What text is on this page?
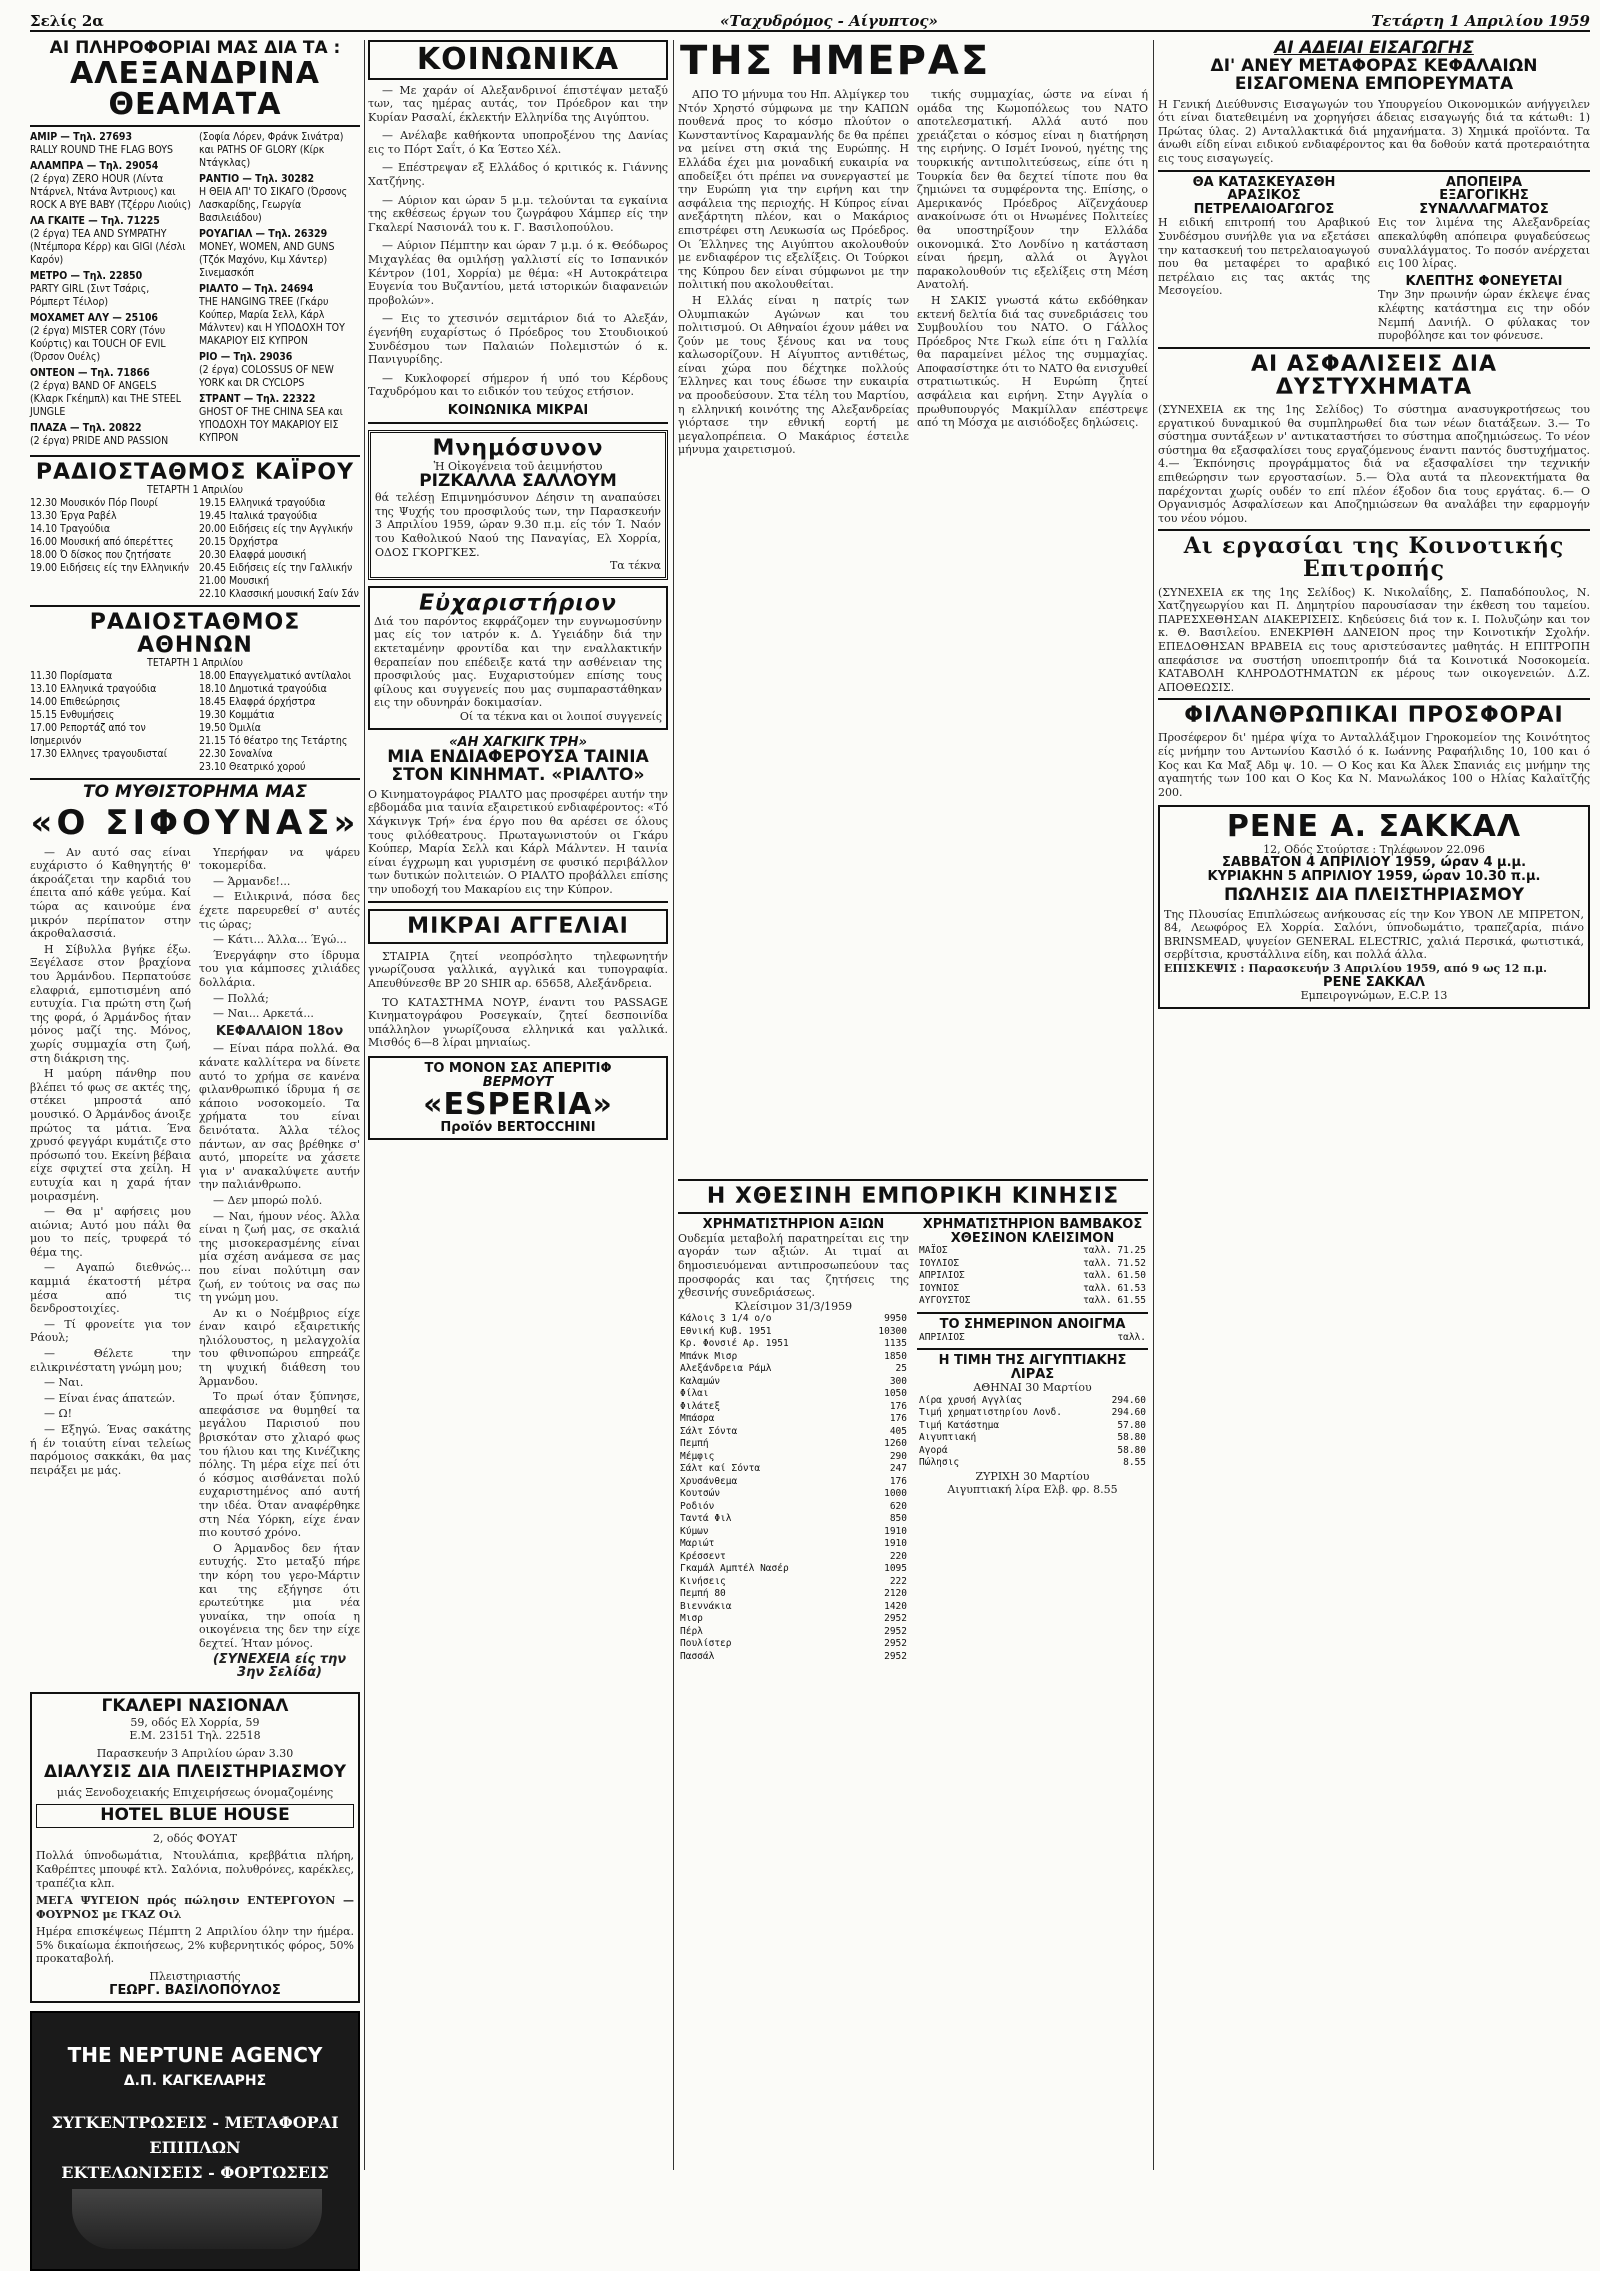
Σελίς 2α	«Ταχυδρόμος - Αίγυπτος»	Τετάρτη 1 Απριλίου 1959
ΑΙ ΠΛΗΡΟΦΟΡΙΑΙ ΜΑΣ ΔΙΑ ΤΑ :
ΑΛΕΞΑΝΔΡΙΝΑ ΘΕΑΜΑΤΑ
AMIP — Τηλ. 27693
RALLY ROUND THE FLAG BOYS
ΑΛΑΜΠΡΑ — Τηλ. 29054
(2 έργα) ZERO HOUR (Λίντα Ντάρνελ, Ντάνα Άντριους) και ROCK A BYE BABY (Τζέρρυ Λιούις)
ΛΑ ΓΚΑΙΤΕ — Τηλ. 71225
(2 έργα) TEA AND SYMPATHY (Ντέμπορα Κέρρ) και GIGI (Λέσλι Καρόν)
ΜΕΤΡΟ — Τηλ. 22850
PARTY GIRL (Σιντ Τσάρις, Ρόμπερτ Τέιλορ)
ΜΟΧΑΜΕΤ ΑΛΥ — 25106
(2 έργα) MISTER CORY (Τόνυ Κούρτις) και TOUCH OF EVIL (Όρσον Ουέλς)
ΟΝΤΕΟΝ — Τηλ. 71866
(2 έργα) BAND OF ANGELS (Κλαρκ Γκέημπλ) και THE STEEL JUNGLE
ΠΛΑΖΑ — Τηλ. 20822
(2 έργα) PRIDE AND PASSION
(Σοφία Λόρεν, Φράνκ Σινάτρα) και PATHS OF GLORY (Κίρκ Ντάγκλας)
ΡΑΝΤΙΟ — Τηλ. 30282
Η ΘΕΙΑ ΑΠ' ΤΟ ΣΙΚΑΓΟ (Όρσονς Λασκαρίδης, Γεωργία Βασιλειάδου)
ΡΟΥΑΓΙΑΛ — Τηλ. 26329
MONEY, WOMEN, AND GUNS (Τζόκ Μαχόνυ, Κιμ Χάντερ) Σινεμασκόπ
ΡΙΑΛΤΟ — Τηλ. 24694
THE HANGING TREE (Γκάρυ Κούπερ, Μαρία Σελλ, Κάρλ Μάλντεν) και Η ΥΠΟΔΟΧΗ ΤΟΥ ΜΑΚΑΡΙΟΥ ΕΙΣ ΚΥΠΡΟΝ
ΡΙΟ — Τηλ. 29036
(2 έργα) COLOSSUS OF NEW YORK και DR CYCLOPS
ΣΤΡΑΝΤ — Τηλ. 22322
GHOST OF THE CHINA SEA και ΥΠΟΔΟΧΗ ΤΟΥ ΜΑΚΑΡΙΟΥ ΕΙΣ ΚΥΠΡΟΝ
ΡΑΔΙΟΣΤΑΘΜΟΣ ΚΑΪΡΟΥ
ΤΕΤΑΡΤΗ 1 Απριλίου
12.30 Μουσικόν Πόρ Πουρί
13.30 Έργα Ραβέλ
14.10 Τραγούδια
16.00 Μουσική από όπερέττες
18.00 Ό δίσκος που ζητήσατε
19.00 Ειδήσεις είς την Ελληνικήν
19.15 Ελληνικά τραγούδια
19.45 Ιταλικά τραγούδια
20.00 Ειδήσεις είς την Αγγλικήν
20.15 Όρχήστρα
20.30 Ελαφρά μουσική
20.45 Ειδήσεις είς την Γαλλικήν
21.00 Μουσική
22.10 Κλασσική μουσική Σαίν Σάν
ΡΑΔΙΟΣΤΑΘΜΟΣ ΑΘΗΝΩΝ
ΤΕΤΑΡΤΗ 1 Απριλίου
11.30 Πορίσματα
13.10 Ελληνικά τραγούδια
14.00 Επιθεώρησις
15.15 Ενθυμήσεις
17.00 Ρεπορτάζ από τον Ισημερινόν
17.30 Ελληνες τραγουδισταί
18.00 Επαγγελματικό αντίλαλοι
18.10 Δημοτικά τραγούδια
18.45 Ελαφρά όρχήστρα
19.30 Κομμάτια
19.50 Όμιλία
21.15 Τό θέατρο της Τετάρτης
22.30 Σοναλίνα
23.10 Θεατρικό χορού
ΤΟ ΜΥΘΙΣΤΟΡΗΜΑ ΜΑΣ
«Ο ΣΙΦΟΥΝΑΣ»

— Αν αυτό σας είναι ευχάριστο ό Καθηγητής θ' άκροάζεται την καρδιά του έπειτα από κάθε γεύμα. Καί τώρα ας καινούμε ένα μικρόν περίπατον στην άκροθαλασσιά.

Η Σίβυλλα βγήκε έξω. Ξεγέλασε στον βραχίονα του Άρμάνδου. Περπατούσε ελαφριά, εμποτισμένη από ευτυχία. Για πρώτη στη ζωή της φορά, ό Άρμάνδος ήταν μόνος μαζί της. Μόνος, χωρίς συμμαχία στη ζωή, στη διάκριση της.

Η μαύρη πάνθηρ που βλέπει τό φως σε ακτές της, στέκει μπροστά από μουσικό. Ο Άρμάνδος άνοιξε πρώτος τα μάτια. Ένα χρυσό φεγγάρι κυμάτιζε στο πρόσωπό του. Εκείνη βέβαια είχε σφιχτεί στα χείλη. Η ευτυχία και η χαρά ήταν μοιρασμένη.

— Θα μ' αφήσεις μου αιώνια; Αυτό μου πάλι θα μου το πείς, τρυφερά τό θέμα της.

— Αγαπώ διεθνώς... καμμιά έκατοστή μέτρα μέσα από τις δενδροστοιχίες.

— Τί φρονείτε για τον Ράουλ;

— Θέλετε την ειλικρινέστατη γνώμη μου;

— Ναι.

— Είναι ένας άπατεών.

— Ω!

— Εξηγώ. Ένας σακάτης ή έν τοιαύτη είναι τελείως παρόμοιος σακκάκι, θα μας πειράξει με μάς.

Υπερήφαν να ψάρευ τοκομερίδα.

— Άρμανδε!...

— Ειλικρινά, πόσα δες έχετε παρευρεθεί σ' αυτές τις ώρας;

— Κάτι... Άλλα... Έγώ...

Ένεργάφην στο ίδρυμα του για κάμποσες χιλιάδες δολλάρια.

— Πολλά;

— Ναι... Αρκετά...

ΚΕΦΑΛΑΙΟΝ 18ον

— Είναι πάρα πολλά. Θα κάνατε καλλίτερα να δίνετε αυτό το χρήμα σε κανένα φιλανθρωπικό ίδρυμα ή σε κάποιο νοσοκομείο. Τα χρήματα του είναι δεινότατα. Άλλα τέλος πάντων, αν σας βρέθηκε σ' αυτό, μπορείτε να χάσετε για ν' ανακαλύψετε αυτήν την παλιάνθρωπο.

— Δεν μπορώ πολύ.

— Ναι, ήμουν νέος. Άλλα είναι η ζωή μας, σε σκαλιά της μισοκερασμένης είναι μία σχέση ανάμεσα σε μας που είναι πολύτιμη σαν ζωή, εν τούτοις να σας πω τη γνώμη μου.

Αν κι ο Νοέμβριος είχε έναν καιρό εξαιρετικής ηλιόλουστος, η μελαγχολία του φθινοπώρου επηρεάζε τη ψυχική διάθεση του Άρμανδου.

Το πρωί όταν ξύπνησε, απεφάσισε να θυμηθεί τα μεγάλου Παρισιού που βρισκόταν στο χλιαρό φως του ήλιου και της Κινέζικης πόλης. Τη μέρα είχε πεί ότι ό κόσμος αισθάνεται πολύ ευχαριστημένος από αυτή την ιδέα. Όταν αναφέρθηκε στη Νέα Υόρκη, είχε έναν πιο κουτσό χρόνο.

Ο Άρμανδος δεν ήταν ευτυχής. Στο μεταξύ πήρε την κόρη του γερο-Μάρτιν και της εξήγησε ότι ερωτεύτηκε μια νέα γυναίκα, την οποία η οικογένεια της δεν την είχε δεχτεί. Ήταν μόνος.

(ΣΥΝΕΧΕΙΑ είς την 3ην Σελίδα)
ΓΚΑΛΕΡΙ ΝΑΣΙΟΝΑΛ
59, οδός Ελ Χορρία, 59
Ε.Μ. 23151 Τηλ. 22518
Παρασκευήν 3 Απριλίου ώραν 3.30
ΔΙΑΛΥΣΙΣ ΔΙΑ ΠΛΕΙΣΤΗΡΙΑΣΜΟΥ
μιάς Ξενοδοχειακής Επιχειρήσεως όνομαζομένης
HOTEL BLUE HOUSE
2, οδός ΦΟΥΑΤ
Πολλά ύπνοδωμάτια, Ντουλάπια, κρεββάτια πλήρη, Καθρέπτες μπουφέ κτλ. Σαλόνια, πολυθρόνες, καρέκλες, τραπέζια κλπ.
ΜΕΓΑ ΨΥΓΕΙΟΝ πρός πώλησιν ΕΝΤΕΡΓΟΥΟΝ — ΦΟΥΡΝΟΣ με ΓΚΑΖ Οιλ
Ημέρα επισκέψεως Πέμπτη 2 Απριλίου όλην την ήμέρα. 5% δικαίωμα έκποιήσεως, 2% κυβερνητικός φόρος, 50% προκαταβολή.
Πλειστηριαστής
ΓΕΩΡΓ. ΒΑΣΙΛΟΠΟΥΛΟΣ
THE NEPTUNE AGENCY
Δ.Π. ΚΑΓΚΕΛΑΡΗΣ
ΣΥΓΚΕΝΤΡΩΣΕΙΣ - ΜΕΤΑΦΟΡΑΙ
ΕΠΙΠΛΩΝ
ΕΚΤΕΛΩΝΙΣΕΙΣ - ΦΟΡΤΩΣΕΙΣ
ΚΟΙΝΩΝΙΚΑ

— Με χαράν οί Αλεξανδρινοί έπιστέψαν μεταξύ των, τας ημέρας αυτάς, τον Πρόεδρον και την Κυρίαν Ρασαλί, έκλεκτήν Ελληνίδα της Αιγύπτου.

— Ανέλαβε καθήκοντα υποπροξένου της Δανίας εις το Πόρτ Σαΐτ, ό Κα Έστεο Χέλ.

— Επέστρεψαν εξ Ελλάδος ό κριτικός κ. Γιάννης Χατζήνης.

— Αύριον και ώραν 5 μ.μ. τελούνται τα εγκαίνια της εκθέσεως έργων του ζωγράφου Χάμπερ είς την Γκαλερί Νασιονάλ του κ. Γ. Βασιλοπούλου.

— Αύριον Πέμπτην και ώραν 7 μ.μ. ό κ. Θεόδωρος Μιχαγλέας θα ομιλήσῃ γαλλιστί είς το Ισπανικόν Κέντρον (101, Χορρία) με θέμα: «Η Αυτοκράτειρα Ευγενία του Βυζαντίου, μετά ιστορικών διαφανειών προβολών».

— Εις το χτεσινόν σεμιτάριον διά το Αλεξάν, έγενήθη ευχαρίστως ό Πρόεδρος του Στουδιοικού Συνδέσμου των Παλαιών Πολεμιστών ό κ. Πανιγυρίδης.

— Κυκλοφορεί σήμερον ή υπό του Κέρδους Ταχυδρόμου και το ειδικόν του τεύχος ετήσιον.

ΚΟΙΝΩΝΙΚΑ ΜΙΚΡΑΙ
Μνημόσυνον
Ἡ Οἰκογένεια τοῦ ἀειμνήστου
ΡΙΖΚΑΛΛΑ ΣΑΛΛΟΥΜ
θά τελέσῃ Επιμνημόσυνον Δέησιν τη αναπαύσει της Ψυχής του προσφιλούς των, την Παρασκευήν 3 Απριλίου 1959, ώραν 9.30 π.μ. είς τόν Ί. Ναόν του Καθολικού Ναού της Παναγίας, Ελ Χορρία, ΟΔΟΣ ΓΚΟΡΓΚΕΣ.
Τα τέκνα
Εὐχαριστήριον
Διά του παρόντος εκφράζομεν την ευγνωμοσύνην μας είς τον ιατρόν κ. Δ. Υγειάδην διά την εκτεταμένην φροντίδα και την εναλλακτικήν θεραπείαν που επέδειξε κατά την ασθένειαν της προσφιλούς μας. Ευχαριστούμεν επίσης τους φίλους και συγγενείς που μας συμπαραστάθηκαν εις την οδυνηράν δοκιμασίαν.
Οί τα τέκνα και οι λοιποί συγγενείς
«ΑΗ ΧΑΓΚΙΓΚ ΤΡΗ»
ΜΙΑ ΕΝΔΙΑΦΕΡΟΥΣΑ ΤΑΙΝΙΑ
ΣΤΟΝ ΚΙΝΗΜΑΤ. «ΡΙΑΛΤΟ»
Ο Κινηματογράφος ΡΙΑΛΤΟ μας προσφέρει αυτήν την εβδομάδα μια ταινία εξαιρετικού ενδιαφέροντος: «Τό Χάγκινγκ Τρή» ένα έργο που θα αρέσει σε όλους τους φιλόθεατρους. Πρωταγωνιστούν οι Γκάρυ Κούπερ, Μαρία Σελλ και Κάρλ Μάλντεν. Η ταινία είναι έγχρωμη και γυρισμένη σε φυσικό περιβάλλον των δυτικών πολιτειών. Ο ΡΙΑΛΤΟ προβάλλει επίσης την υποδοχή του Μακαρίου εις την Κύπρον.
ΜΙΚΡΑΙ ΑΓΓΕΛΙΑΙ

ΣΤΑΙΡΙΑ ζητεί νεοπρόσλητο τηλεφωνητήν γνωρίζουσα γαλλικά, αγγλικά και τυπογραφία. Απευθύνεσθε BP 20 SHIR αρ. 65658, Αλεξάνδρεια.

ΤΟ ΚΑΤΑΣΤΗΜΑ ΝΟΥΡ, έναντι του PASSAGE Κινηματογράφου Ροσεγκαίν, ζητεί δεσποινίδα υπάλληλον γνωρίζουσα ελληνικά και γαλλικά. Μισθός 6—8 λίραι μηνιαίως.

ΤΟ ΜΟΝΟΝ ΣΑΣ ΑΠΕΡΙΤΙΦ
ΒΕΡΜΟΥΤ
«ESPERIA»
Προϊόν BERTOCCHINI
ΤΗΣ ΗΜΕΡΑΣ

ΑΠΟ ΤΟ μήνυμα του Ηπ. Αλμίγκερ του Ντόν Χρηστό σύμφωνα με την ΚΑΠΩΝ πουθενά προς το κόσμο πλούτον ο Κωνσταντίνος Καραμανλής δε θα πρέπει να μείνει στη σκιά της Ευρώπης. Η Ελλάδα έχει μια μοναδική ευκαιρία να αποδείξει ότι πρέπει να συνεργαστεί με την Ευρώπη για την ειρήνη και την ασφάλεια της περιοχής. Η Κύπρος είναι ανεξάρτητη πλέον, και ο Μακάριος επιστρέφει στη Λευκωσία ως Πρόεδρος. Οι Έλληνες της Αιγύπτου ακολουθούν με ενδιαφέρον τις εξελίξεις. Οι Τούρκοι της Κύπρου δεν είναι σύμφωνοι με την πολιτική που ακολουθείται.

Η Ελλάς είναι η πατρίς των Ολυμπιακών Αγώνων και του πολιτισμού. Οι Αθηναίοι έχουν μάθει να ζούν με τους ξένους και να τους καλωσορίζουν. Η Αίγυπτος αντιθέτως, είναι χώρα που δέχτηκε πολλούς Έλληνες και τους έδωσε την ευκαιρία να προοδεύσουν. Στα τέλη του Μαρτίου, η ελληνική κοινότης της Αλεξανδρείας γιόρτασε την εθνική εορτή με μεγαλοπρέπεια. Ο Μακάριος έστειλε μήνυμα χαιρετισμού.

τικής συμμαχίας, ώστε να είναι ή ομάδα της Κωμοπόλεως του ΝΑΤΟ αποτελεσματική. Αλλά αυτό που χρειάζεται ο κόσμος είναι η διατήρηση της ειρήνης. Ο Ισμέτ Ινονού, ηγέτης της τουρκικής αντιπολιτεύσεως, είπε ότι η Τουρκία δεν θα δεχτεί τίποτε που θα ζημιώνει τα συμφέροντα της. Επίσης, ο Αμερικανός Πρόεδρος Αϊζενχάουερ ανακοίνωσε ότι οι Ηνωμένες Πολιτείες θα υποστηρίξουν την Ελλάδα οικονομικά. Στο Λονδίνο η κατάσταση είναι ήρεμη, αλλά οι Άγγλοι παρακολουθούν τις εξελίξεις στη Μέση Ανατολή.

Η ΣΑΚΙΣ γνωστά κάτω εκδόθηκαν εκτενή δελτία διά τας συνεδριάσεις του Συμβουλίου του ΝΑΤΟ. Ο Γάλλος Πρόεδρος Ντε Γκωλ είπε ότι η Γαλλία θα παραμείνει μέλος της συμμαχίας. Αποφασίστηκε ότι το ΝΑΤΟ θα ενισχυθεί στρατιωτικώς. Η Ευρώπη ζητεί ασφάλεια και ειρήνη. Στην Αγγλία ο πρωθυπουργός Μακμίλλαν επέστρεψε από τη Μόσχα με αισιόδοξες δηλώσεις.

Η ΧΘΕΣΙΝΗ ΕΜΠΟΡΙΚΗ ΚΙΝΗΣΙΣ
ΧΡΗΜΑΤΙΣΤΗΡΙΟΝ ΑΞΙΩΝ
Ουδεμία μεταβολή παρατηρείται εις την αγοράν των αξιών. Αι τιμαί αι δημοσιευόμεναι αντιπροσωπεύουν τας προσφοράς και τας ζητήσεις της χθεσινής συνεδριάσεως.
Κλείσιμον 31/3/1959
Κάλοις 3 1/4 ο/ο	9950
Εθνική Κυβ. 1951	10300
Κρ. Φονσιέ Αρ. 1951	1135
Μπάνκ Μισρ	1850
Αλεξάνδρεια Ράμλ	25
Καλαμών	300
Φίλαι	1050
Φιλάτεξ	176
Μπάσρα	176
Σάλτ Σόντα	405
Πεμπή	1260
Μέμφις	290
Σάλτ καί Σόντα	247
Χρυσάνθεμα	176
Κουτσών	1000
Ροδιόν	620
Ταντά Φιλ	850
Κύμων	1910
Μαριώτ	1910
Κρέσσεντ	220
Γκαμάλ Αμπτέλ Νασέρ	1095
Κινήσεις	222
Πεμπή 80	2120
Βιεννάκια	1420
Μισρ	2952
Πέρλ	2952
Πουλίστερ	2952
Πασσάλ	2952
ΧΡΗΜΑΤΙΣΤΗΡΙΟΝ ΒΑΜΒΑΚΟΣ
ΧΘΕΣΙΝΟΝ ΚΛΕΙΣΙΜΟΝ
ΜΑΪΟΣ	ταλλ. 71.25
ΙΟΥΛΙΟΣ	ταλλ. 71.52
ΑΠΡΙΛΙΟΣ	ταλλ. 61.50
ΙΟΥΝΙΟΣ	ταλλ. 61.53
ΑΥΓΟΥΣΤΟΣ	ταλλ. 61.55
ΤΟ ΣΗΜΕΡΙΝΟΝ ΑΝΟΙΓΜΑ
ΑΠΡΙΛΙΟΣ	ταλλ.
Η ΤΙΜΗ ΤΗΣ ΑΙΓΥΠΤΙΑΚΗΣ ΛΙΡΑΣ
ΑΘΗΝΑΙ 30 Μαρτίου
Λίρα χρυσή Αγγλίας	294.60
Τιμή χρηματιστηρίου Λονδ.	294.60
Τιμή Κατάστημα	57.80
Αιγυπτιακή	58.80
Αγορά	58.80
Πώλησις	8.55
ΖΥΡΙΧΗ 30 Μαρτίου
Αιγυπτιακή λίρα Ελβ. φρ. 8.55
ΑΙ ΑΔΕΙΑΙ ΕΙΣΑΓΩΓΗΣ
ΔΙ' ΑΝΕΥ ΜΕΤΑΦΟΡΑΣ ΚΕΦΑΛΑΙΩΝ
ΕΙΣΑΓΟΜΕΝΑ ΕΜΠΟΡΕΥΜΑΤΑ
Η Γενική Διεύθυνσις Εισαγωγών του Υπουργείου Οικονομικών ανήγγειλεν ότι είναι διατεθειμένη να χορηγήσει άδειας εισαγωγής διά τα κάτωθι: 1) Πρώτας ύλας. 2) Ανταλλακτικά διά μηχανήματα. 3) Χημικά προϊόντα. Τα άνωθι είδη είναι ειδικού ενδιαφέροντος και θα δοθούν κατά προτεραιότητα εις τους εισαγωγείς.
ΘΑ ΚΑΤΑΣΚΕΥΑΣΘΗ
ΑΡΑΣΙΚΟΣ ΠΕΤΡΕΛΑΙΟΑΓΩΓΟΣ
Η ειδική επιτροπή του Αραβικού Συνδέσμου συνήλθε για να εξετάσει την κατασκευή του πετρελαιοαγωγού που θα μεταφέρει το αραβικό πετρέλαιο εις τας ακτάς της Μεσογείου.
ΑΠΟΠΕΙΡΑ
ΕΞΑΓΟΓΙΚΗΣ ΣΥΝΑΛΛΑΓΜΑΤΟΣ
Εις τον λιμένα της Αλεξανδρείας απεκαλύφθη απόπειρα φυγαδεύσεως συναλλάγματος. Το ποσόν ανέρχεται εις 100 λίρας.
ΚΛΕΠΤΗΣ ΦΟΝΕΥΕΤΑΙ
Την 3ην πρωινήν ώραν έκλεψε ένας κλέφτης κατάστημα εις την οδόν Νεμπή Δανιήλ. Ο φύλακας τον πυροβόλησε και τον φόνευσε.
ΑΙ ΑΣΦΑΛΙΣΕΙΣ ΔΙΑ ΔΥΣΤΥΧΗΜΑΤΑ
(ΣΥΝΕΧΕΙΑ εκ της 1ης Σελίδος) Το σύστημα ανασυγκροτήσεως του εργατικού δυναμικού θα συμπληρωθεί δια των νέων διατάξεων. 3.— Το σύστημα συντάξεων ν' αντικαταστήσει το σύστημα αποζημιώσεως. Το νέον σύστημα θα εξασφαλίσει τους εργαζόμενους έναντι παντός δυστυχήματος. 4.— Έκπόνησις προγράμματος διά να εξασφαλίσει την τεχνικήν επιθεώρησιν των εργοστασίων. 5.— Όλα αυτά τα πλεονεκτήματα θα παρέχονται χωρίς ουδέν το επί πλέον έξοδον δια τους εργάτας. 6.— Ο Οργανισμός Ασφαλίσεων και Αποζημιώσεων θα αναλάβει την εφαρμογήν του νέου νόμου.
Αι εργασίαι της Κοινοτικής Επιτροπής
(ΣΥΝΕΧΕΙΑ εκ της 1ης Σελίδος) Κ. Νικολαΐδης, Σ. Παπαδόπουλος, Ν. Χατζηγεωργίου και Π. Δημητρίου παρουσίασαν την έκθεση του ταμείου. ΠΑΡΕΣΧΕΘΗΣΑΝ ΔΙΑΚΕΡΙΣΕΙΣ. Κηδεύσεις διά τον κ. Ι. Πολυζώην και τον κ. Θ. Βασιλείου. ΕΝΕΚΡΙΘΗ ΔΑΝΕΙΟΝ προς την Κοινοτικήν Σχολήν. ΕΠΕΔΟΘΗΣΑΝ ΒΡΑΒΕΙΑ εις τους αριστεύσαντες μαθητάς. Η ΕΠΙΤΡΟΠΗ απεφάσισε να συστήση υποεπιτροπήν διά τα Κοινοτικά Νοσοκομεία. ΚΑΤΑΒΟΛΗ ΚΛΗΡΟΔΟΤΗΜΑΤΩΝ εκ μέρους των οικογενειών. Δ.Ζ. ΑΠΟΘΕΩΣΙΣ.
ΦΙΛΑΝΘΡΩΠΙΚΑΙ ΠΡΟΣΦΟΡΑΙ
Προσέφερον δι' ημέρα ψίχα το Ανταλλάξιμον Γηροκομείον της Κοινότητος είς μνήμην του Αντωνίου Κασιλό ό κ. Ιωάννης Ραφαήλιδης 10, 100 και ό Κος και Κα Μαξ Αδμ ψ. 10. — Ο Κος και Κα Άλεκ Σπανιάς εις μνήμην της αγαπητής των 100 και Ο Κος Κα Ν. Μανωλάκος 100 ο Ηλίας Καλαϊτζής 200.
ΡΕΝΕ Α. ΣΑΚΚΑΛ
12, Οδός Στούρτσε : Τηλέφωνον 22.096
ΣΑΒΒΑΤΟΝ 4 ΑΠΡΙΛΙΟΥ 1959, ώραν 4 μ.μ.
ΚΥΡΙΑΚΗΝ 5 ΑΠΡΙΛΙΟΥ 1959, ώραν 10.30 π.μ.
ΠΩΛΗΣΙΣ ΔΙΑ ΠΛΕΙΣΤΗΡΙΑΣΜΟΥ
Της Πλουσίας Επιπλώσεως ανήκουσας είς την Κον ΥΒΟΝ ΛΕ ΜΠΡΕΤΟΝ, 84, Λεωφόρος Ελ Χορρία. Σαλόνι, ύπνοδωμάτιο, τραπεζαρία, πιάνο BRINSMEAD, ψυγείον GENERAL ELECTRIC, χαλιά Περσικά, φωτιστικά, σερβίτσια, κρυστάλλινα είδη, και πολλά άλλα.
ΕΠΙΣΚΕΨΙΣ : Παρασκευήν 3 Απριλίου 1959, από 9 ως 12 π.μ.
ΡΕΝΕ ΣΑΚΚΑΛ
Εμπειρογνώμων, Ε.C.P. 13
